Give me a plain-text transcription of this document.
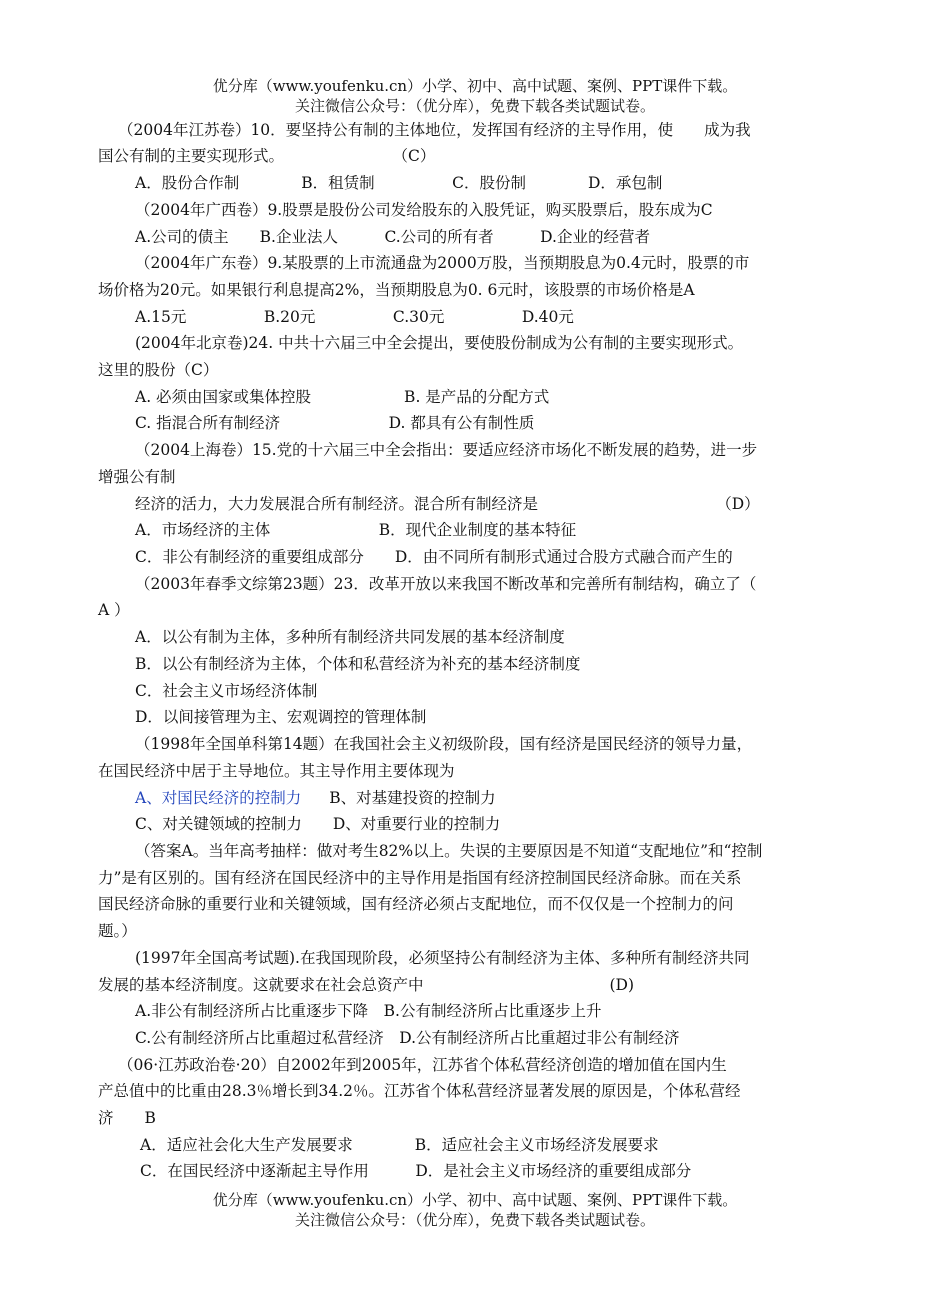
优分库（www.youfenku.cn）小学、初中、高中试题、案例、PPT课件下载。
关注微信公众号：（优分库），免费下载各类试题试卷。
（2004年江苏卷）10．要坚持公有制的主体地位，发挥国有经济的主导作用，使　　成为我
国公有制的主要实现形式。　　　　　　　　（C）
A．股份合作制　　　　B．租赁制　　　　　C．股份制　　　　D．承包制
（2004年广西卷）9.股票是股份公司发给股东的入股凭证，购买股票后，股东成为C
A.公司的债主　　B.企业法人　　　C.公司的所有者　　　D.企业的经营者
（2004年广东卷）9.某股票的上市流通盘为2000万股，当预期股息为0.4元时，股票的市
场价格为20元。如果银行利息提高2%，当预期股息为0. 6元时，该股票的市场价格是A
A.15元　　　　　B.20元　　　　　C.30元　　　　　D.40元
(2004年北京卷)24. 中共十六届三中全会提出，要使股份制成为公有制的主要实现形式。
这里的股份（C）
A. 必须由国家或集体控股　　　　　　B. 是产品的分配方式
C. 指混合所有制经济　　　　　　　D. 都具有公有制性质
（2004上海卷）15.党的十六届三中全会指出：要适应经济市场化不断发展的趋势，进一步
增强公有制
经济的活力，大力发展混合所有制经济。混合所有制经济是　　　　　　　　　　　　（D）
A．市场经济的主体　　　　　　　B．现代企业制度的基本特征
C．非公有制经济的重要组成部分　　D．由不同所有制形式通过合股方式融合而产生的
（2003年春季文综第23题）23．改革开放以来我国不断改革和完善所有制结构，确立了（
A ）
A．以公有制为主体，多种所有制经济共同发展的基本经济制度
B．以公有制经济为主体，个体和私营经济为补充的基本经济制度
C．社会主义市场经济体制
D．以间接管理为主、宏观调控的管理体制
（1998年全国单科第14题）在我国社会主义初级阶段，国有经济是国民经济的领导力量，
在国民经济中居于主导地位。其主导作用主要体现为
A、对国民经济的控制力 B、对基建投资的控制力
C、对关键领域的控制力　　D、对重要行业的控制力
（答案A。当年高考抽样：做对考生82%以上。失误的主要原因是不知道“支配地位”和“控制
力”是有区别的。国有经济在国民经济中的主导作用是指国有经济控制国民经济命脉。而在关系
国民经济命脉的重要行业和关键领域，国有经济必须占支配地位，而不仅仅是一个控制力的问
题。）
(1997年全国高考试题).在我国现阶段，必须坚持公有制经济为主体、多种所有制经济共同
发展的基本经济制度。这就要求在社会总资产中　　　　　　　　　　　　(D)
A.非公有制经济所占比重逐步下降　B.公有制经济所占比重逐步上升
C.公有制经济所占比重超过私营经济　D.公有制经济所占比重超过非公有制经济
（06·江苏政治卷·20）自2002年到2005年，江苏省个体私营经济创造的增加值在国内生
产总值中的比重由28.3％增长到34.2％。江苏省个体私营经济显著发展的原因是，个体私营经
济　　B
A．适应社会化大生产发展要求　　　　B．适应社会主义市场经济发展要求
C．在国民经济中逐渐起主导作用　　　D．是社会主义市场经济的重要组成部分
优分库（www.youfenku.cn）小学、初中、高中试题、案例、PPT课件下载。
关注微信公众号：（优分库），免费下载各类试题试卷。
